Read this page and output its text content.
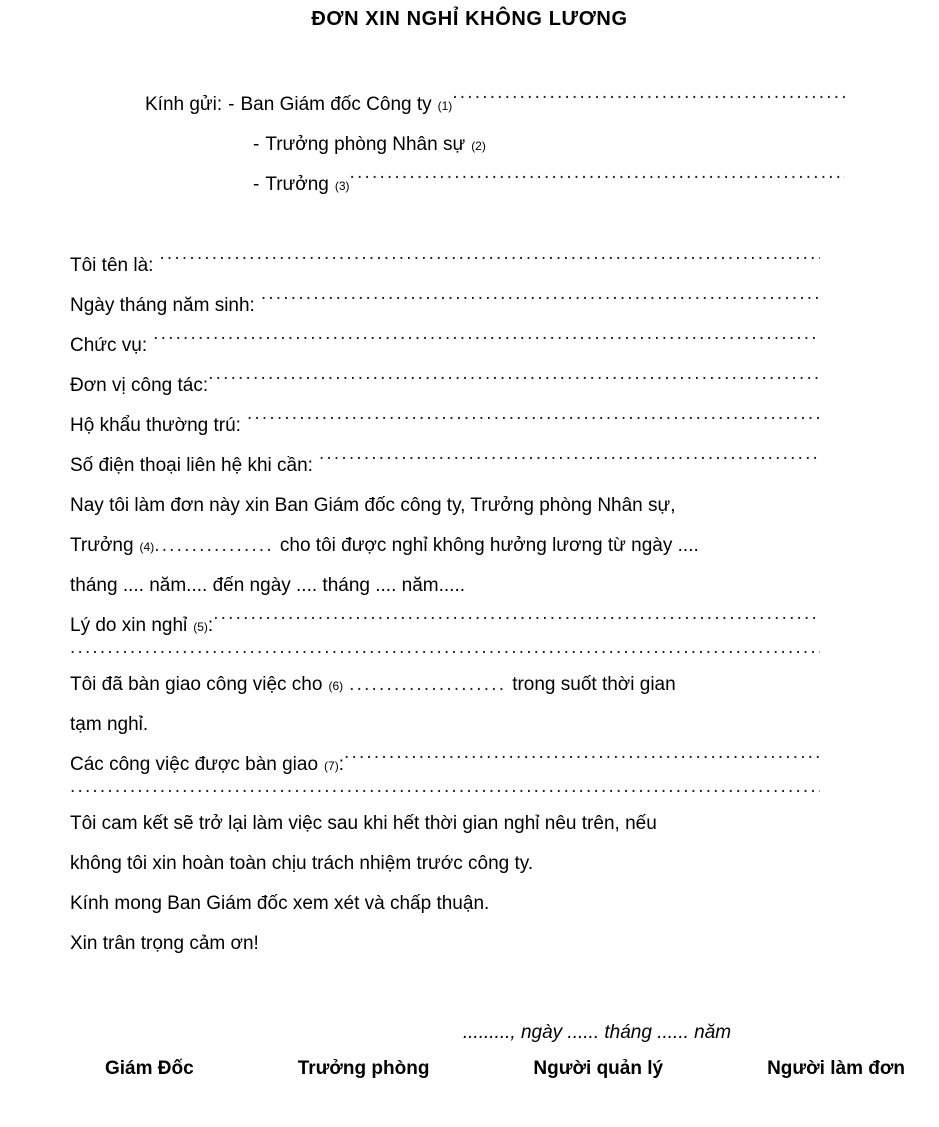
ĐƠN XIN NGHỈ KHÔNG LƯƠNG
Kính gửi: - Ban Giám đốc Công ty (1)
.....
- Trưởng phòng Nhân sự (2)
- Trưởng (3)
.....
Tôi tên là:
.....
Ngày tháng năm sinh:
.....
Chức vụ:
.....
Đơn vị công tác:
.....
Hộ khẩu thường trú:
.....
Số điện thoại liên hệ khi cần:
.....
Nay tôi làm đơn này xin Ban Giám đốc công ty, Trưởng phòng Nhân sự,
Trưởng (4) ................ cho tôi được nghỉ không hưởng lương từ ngày ....
tháng .... năm.... đến ngày .... tháng .... năm.....
Lý do xin nghỉ (5) :
.....
.....
Tôi đã bàn giao công việc cho (6) ..................... trong suốt thời gian
tạm nghỉ.
Các công việc được bàn giao (7) :
.....
.....
Tôi cam kết sẽ trở lại làm việc sau khi hết thời gian nghỉ nêu trên, nếu
không tôi xin hoàn toàn chịu trách nhiệm trước công ty.
Kính mong Ban Giám đốc xem xét và chấp thuận.
Xin trân trọng cảm ơn!
........., ngày ...... tháng ...... năm
Giám Đốc	Trưởng phòng	Người quản lý	Người làm đơn
